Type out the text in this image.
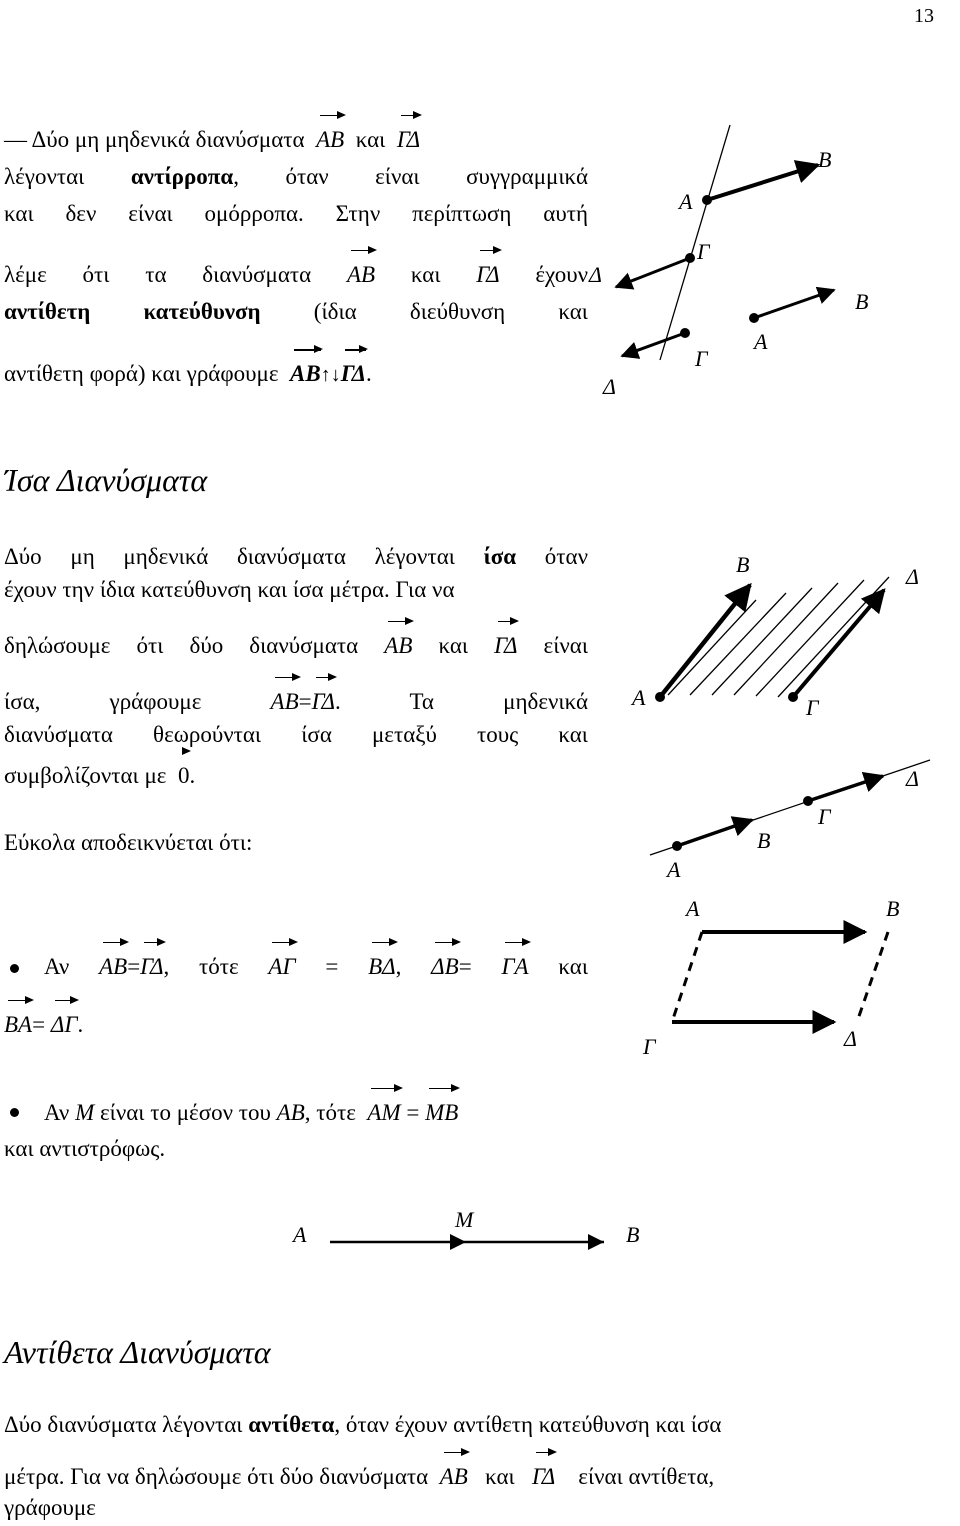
13
— Δύο μη μηδενικά διανύσματα AB και ΓΔ
λέγονται αντίρροπα, όταν είναι συγγραμμικά
και δεν είναι ομόρροπα. Στην περίπτωση αυτή
λέμε ότι τα διανύσματα AB και ΓΔ έχουν
αντίθετη κατεύθυνση (ίδια διεύθυνση και
αντίθετη φορά) και γράφουμε AB↑↓ΓΔ.
Ίσα Διανύσματα
Δύο μη μηδενικά διανύσματα λέγονται ίσα όταν
έχουν την ίδια κατεύθυνση και ίσα μέτρα. Για να
δηλώσουμε ότι δύο διανύσματα AB και ΓΔ είναι
ίσα, γράφουμε	AB=ΓΔ. Τα μηδενικά
διανύσματα θεωρούνται ίσα μεταξύ τους και
συμβολίζονται με 0.
Εύκολα αποδεικνύεται ότι:
Αν AB=ΓΔ, τότε AΓ = BΔ, ΔB= ΓA και
BA= ΔΓ.
Αν M είναι το μέσον του AB, τότε AM = MB
και αντιστρόφως.
Αντίθετα Διανύσματα
Δύο διανύσματα λέγονται αντίθετα, όταν έχουν αντίθετη κατεύθυνση και ίσα
μέτρα. Για να δηλώσουμε ότι δύο διανύσματα AB και ΓΔ είναι αντίθετα,
γράφουμε
B
A
Γ
Δ
B
A
Γ
Δ
B	Δ
A	Γ
A
B
Γ
Δ
A	B
Γ	Δ
A
M
B
